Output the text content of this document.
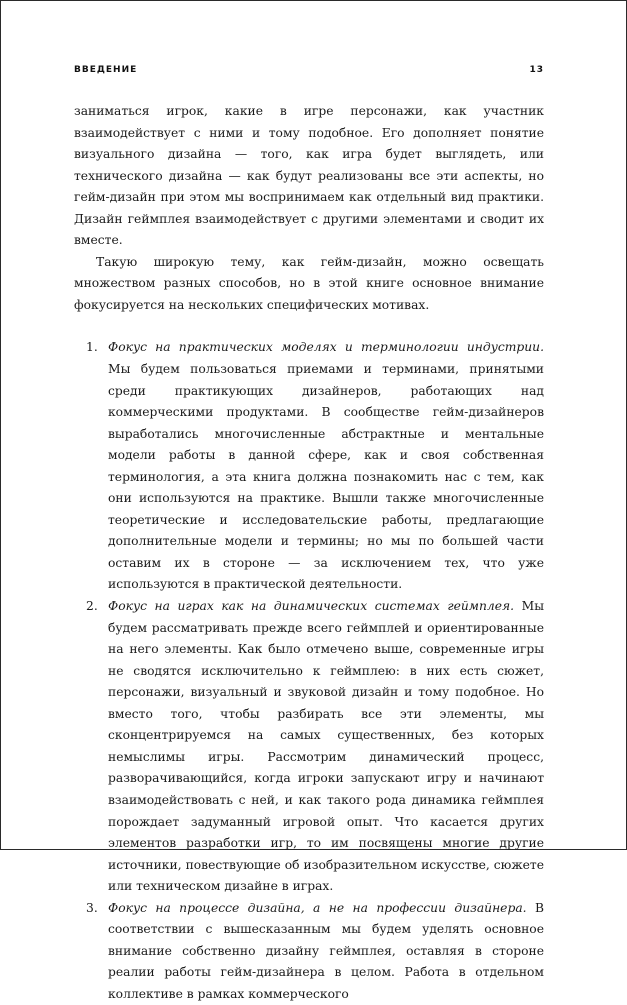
ВВЕДЕНИЕ	13

заниматься игрок, какие в игре персонажи, как участник взаимодействует с ними и тому подобное. Его дополняет понятие визуального дизайна — того, как игра будет выглядеть, или технического дизайна — как будут реализованы все эти аспекты, но гейм-дизайн при этом мы воспринимаем как отдельный вид практики. Дизайн геймплея взаимодействует с другими элементами и сводит их вместе.

Такую широкую тему, как гейм-дизайн, можно освещать множеством разных способов, но в этой книге основное внимание фокусируется на нескольких специфических мотивах.

1. Фокус на практических моделях и терминологии индустрии. Мы будем пользоваться приемами и терминами, принятыми среди практикующих дизайнеров, работающих над коммерческими продуктами. В сообществе гейм-дизайнеров выработались многочисленные абстрактные и ментальные модели работы в данной сфере, как и своя собственная терминология, а эта книга должна познакомить нас с тем, как они используются на практике. Вышли также многочисленные теоретические и исследовательские работы, предлагающие дополнительные модели и термины; но мы по большей части оставим их в стороне — за исключением тех, что уже используются в практической деятельности.
2. Фокус на играх как на динамических системах геймплея. Мы будем рассматривать прежде всего геймплей и ориентированные на него элементы. Как было отмечено выше, современные игры не сводятся исключительно к геймплею: в них есть сюжет, персонажи, визуальный и звуковой дизайн и тому подобное. Но вместо того, чтобы разбирать все эти элементы, мы сконцентрируемся на самых существенных, без которых немыслимы игры. Рассмотрим динамический процесс, разворачивающийся, когда игроки запускают игру и начинают взаимодействовать с ней, и как такого рода динамика геймплея порождает задуманный игровой опыт. Что касается других элементов разработки игр, то им посвящены многие другие источники, повествующие об изобразительном искусстве, сюжете или техническом дизайне в играх.
3. Фокус на процессе дизайна, а не на профессии дизайнера. В соответствии с вышесказанным мы будем уделять основное внимание собственно дизайну геймплея, оставляя в стороне реалии работы гейм-дизайнера в целом. Работа в отдельном коллективе в рамках коммерческого
